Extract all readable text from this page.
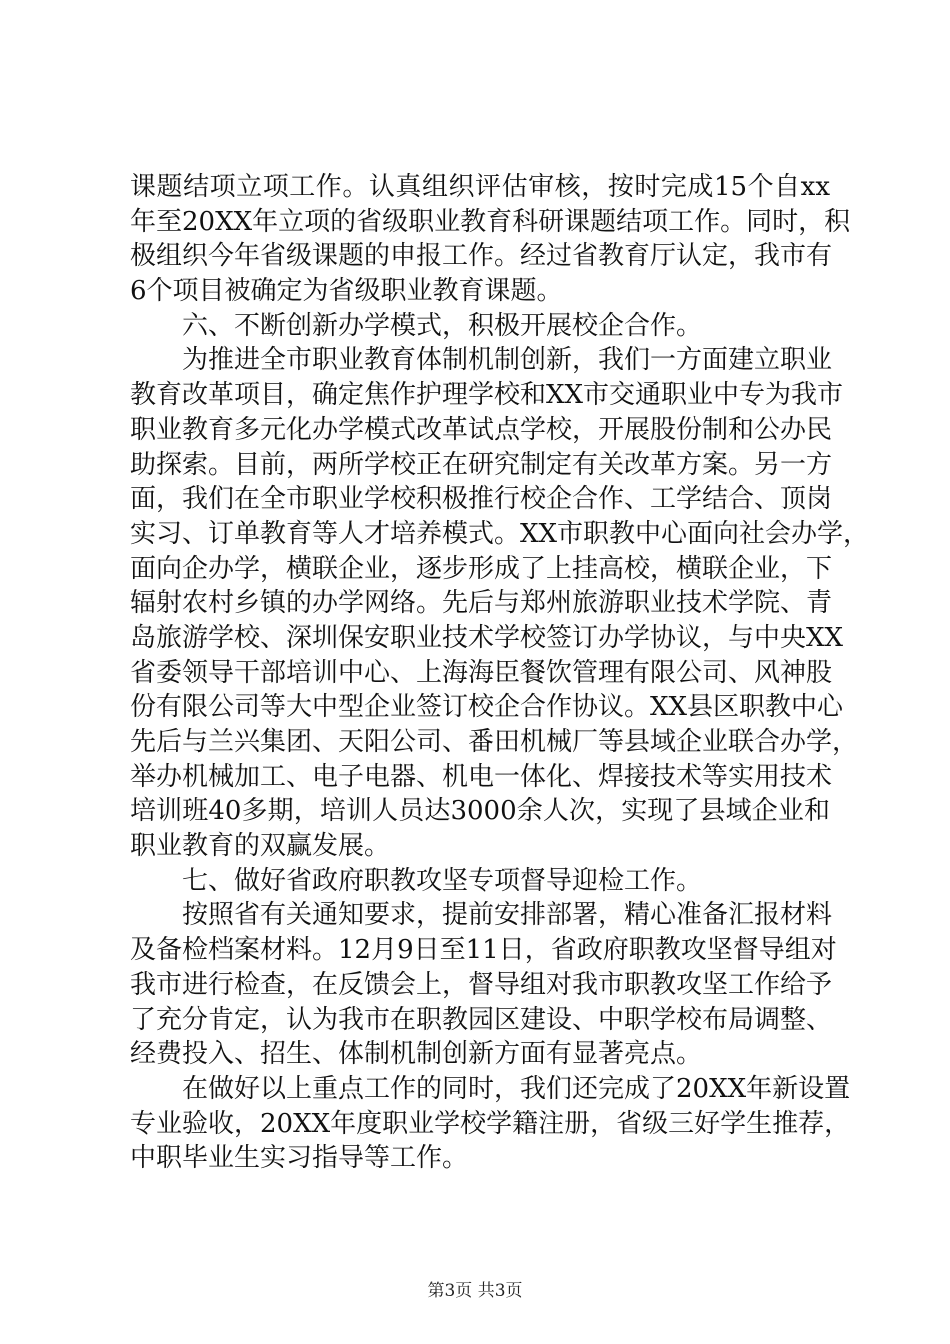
课题结项立项工作。认真组织评估审核，按时完成15个自xx
年至20XX年立项的省级职业教育科研课题结项工作。同时，积
极组织今年省级课题的申报工作。经过省教育厅认定，我市有
6个项目被确定为省级职业教育课题。
六、不断创新办学模式，积极开展校企合作。
为推进全市职业教育体制机制创新，我们一方面建立职业
教育改革项目，确定焦作护理学校和XX市交通职业中专为我市
职业教育多元化办学模式改革试点学校，开展股份制和公办民
助探索。目前，两所学校正在研究制定有关改革方案。另一方
面，我们在全市职业学校积极推行校企合作、工学结合、顶岗
实习、订单教育等人才培养模式。XX市职教中心面向社会办学，
面向企办学，横联企业，逐步形成了上挂高校，横联企业，下
辐射农村乡镇的办学网络。先后与郑州旅游职业技术学院、青
岛旅游学校、深圳保安职业技术学校签订办学协议，与中央XX
省委领导干部培训中心、上海海臣餐饮管理有限公司、风神股
份有限公司等大中型企业签订校企合作协议。XX县区职教中心
先后与兰兴集团、天阳公司、番田机械厂等县域企业联合办学，
举办机械加工、电子电器、机电一体化、焊接技术等实用技术
培训班40多期，培训人员达3000余人次，实现了县域企业和
职业教育的双赢发展。
七、做好省政府职教攻坚专项督导迎检工作。
按照省有关通知要求，提前安排部署，精心准备汇报材料
及备检档案材料。12月9日至11日，省政府职教攻坚督导组对
我市进行检查，在反馈会上，督导组对我市职教攻坚工作给予
了充分肯定，认为我市在职教园区建设、中职学校布局调整、
经费投入、招生、体制机制创新方面有显著亮点。
在做好以上重点工作的同时，我们还完成了20XX年新设置
专业验收，20XX年度职业学校学籍注册，省级三好学生推荐，
中职毕业生实习指导等工作。
第3页 共3页
